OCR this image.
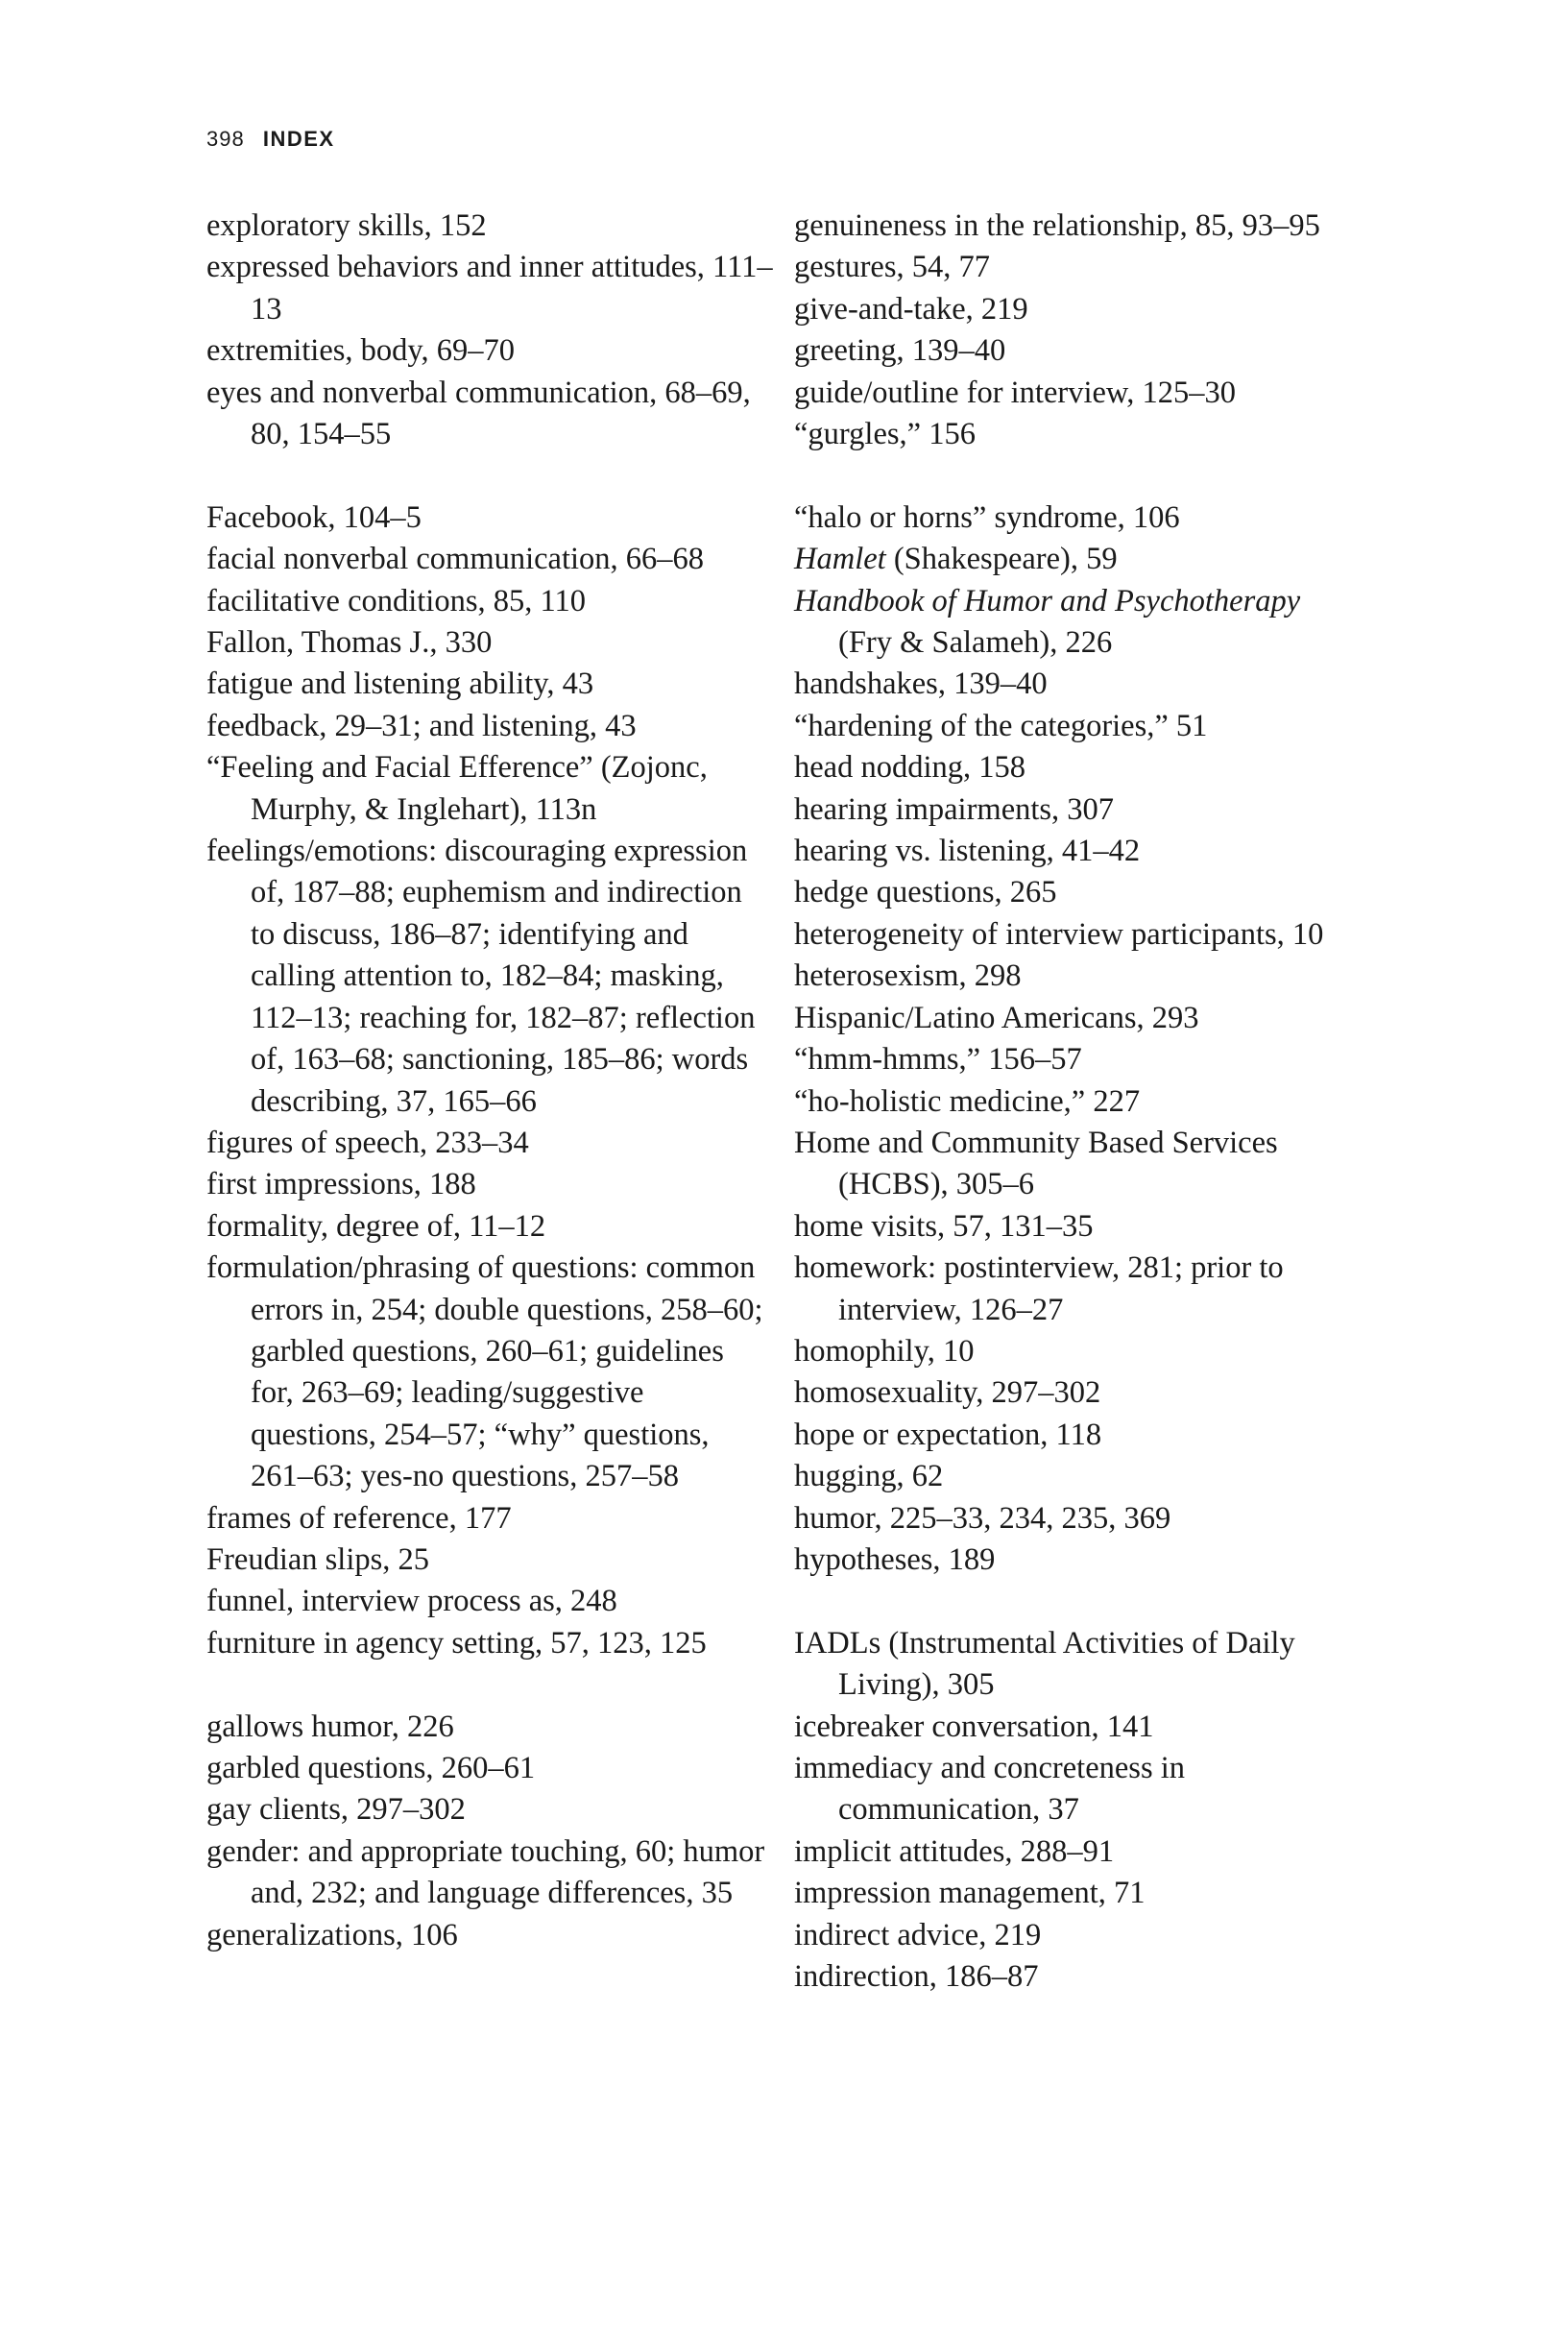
398 INDEX
exploratory skills, 152
expressed behaviors and inner attitudes, 111–13
extremities, body, 69–70
eyes and nonverbal communication, 68–69, 80, 154–55
Facebook, 104–5
facial nonverbal communication, 66–68
facilitative conditions, 85, 110
Fallon, Thomas J., 330
fatigue and listening ability, 43
feedback, 29–31; and listening, 43
“Feeling and Facial Efference” (Zojonc, Murphy, & Inglehart), 113n
feelings/emotions: discouraging expression of, 187–88; euphemism and indirection to discuss, 186–87; identifying and calling attention to, 182–84; masking, 112–13; reaching for, 182–87; reflection of, 163–68; sanctioning, 185–86; words describing, 37, 165–66
figures of speech, 233–34
first impressions, 188
formality, degree of, 11–12
formulation/phrasing of questions: common errors in, 254; double questions, 258–60; garbled questions, 260–61; guidelines for, 263–69; leading/suggestive questions, 254–57; “why” questions, 261–63; yes-no questions, 257–58
frames of reference, 177
Freudian slips, 25
funnel, interview process as, 248
furniture in agency setting, 57, 123, 125
gallows humor, 226
garbled questions, 260–61
gay clients, 297–302
gender: and appropriate touching, 60; humor and, 232; and language differences, 35
generalizations, 106
genuineness in the relationship, 85, 93–95
gestures, 54, 77
give-and-take, 219
greeting, 139–40
guide/outline for interview, 125–30
“gurgles,” 156
“halo or horns” syndrome, 106
Hamlet (Shakespeare), 59
Handbook of Humor and Psychotherapy (Fry & Salameh), 226
handshakes, 139–40
“hardening of the categories,” 51
head nodding, 158
hearing impairments, 307
hearing vs. listening, 41–42
hedge questions, 265
heterogeneity of interview participants, 10
heterosexism, 298
Hispanic/Latino Americans, 293
“hmm-hmms,” 156–57
“ho-holistic medicine,” 227
Home and Community Based Services (HCBS), 305–6
home visits, 57, 131–35
homework: postinterview, 281; prior to interview, 126–27
homophily, 10
homosexuality, 297–302
hope or expectation, 118
hugging, 62
humor, 225–33, 234, 235, 369
hypotheses, 189
IADLs (Instrumental Activities of Daily Living), 305
icebreaker conversation, 141
immediacy and concreteness in communication, 37
implicit attitudes, 288–91
impression management, 71
indirect advice, 219
indirection, 186–87
